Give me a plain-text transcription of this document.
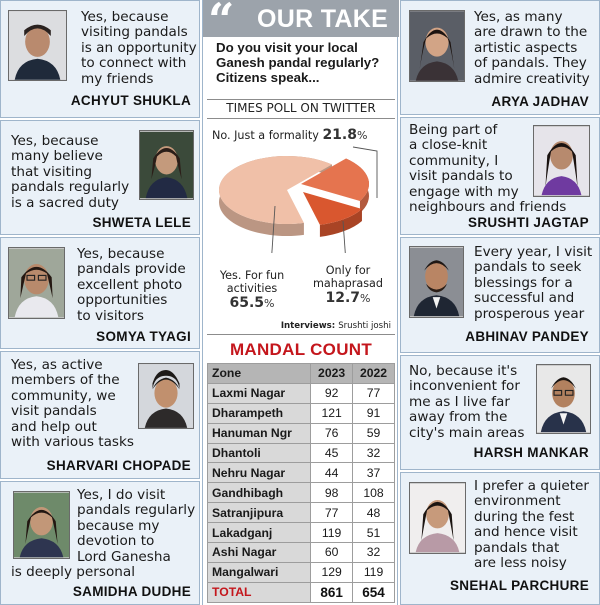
Yes, because
visiting pandals
is an opportunity
to connect with
my friends
ACHYUT SHUKLA
Yes, because
many believe
that visiting
pandals regularly
is a sacred duty
SHWETA LELE
Yes, because
pandals provide
excellent photo
opportunities
to visitors
SOMYA TYAGI
Yes, as active
members of the
community, we
visit pandals
and help out
with various tasks
SHARVARI CHOPADE
Yes, I do visit
pandals regularly
because my
devotion to
Lord Ganesha
is deeply personal
SAMIDHA DUDHE
“ OUR TAKE
Do you visit your local Ganesh pandal regularly? Citizens speak...
TIMES POLL ON TWITTER
No. Just a formality 21.8%
Yes. For fun activities
65.5%
Only for mahaprasad
12.7%
Interviews: Srushti joshi
MANDAL COUNT
Zone	2023	2022
Laxmi Nagar	92	77
Dharampeth	121	91
Hanuman Ngr	76	59
Dhantoli	45	32
Nehru Nagar	44	37
Gandhibagh	98	108
Satranjipura	77	48
Lakadganj	119	51
Ashi Nagar	60	32
Mangalwari	129	119
TOTAL	861	654
Yes, as many
are drawn to the
artistic aspects
of pandals. They
admire creativity
ARYA JADHAV
Being part of
a close-knit
community, I
visit pandals to
engage with my
neighbours and friends
SRUSHTI JAGTAP
Every year, I visit
pandals to seek
blessings for a
successful and
prosperous year
ABHINAV PANDEY
No, because it's
inconvenient for
me as I live far
away from the
city's main areas
HARSH MANKAR
I prefer a quieter
environment
during the fest
and hence visit
pandals that
are less noisy
SNEHAL PARCHURE
